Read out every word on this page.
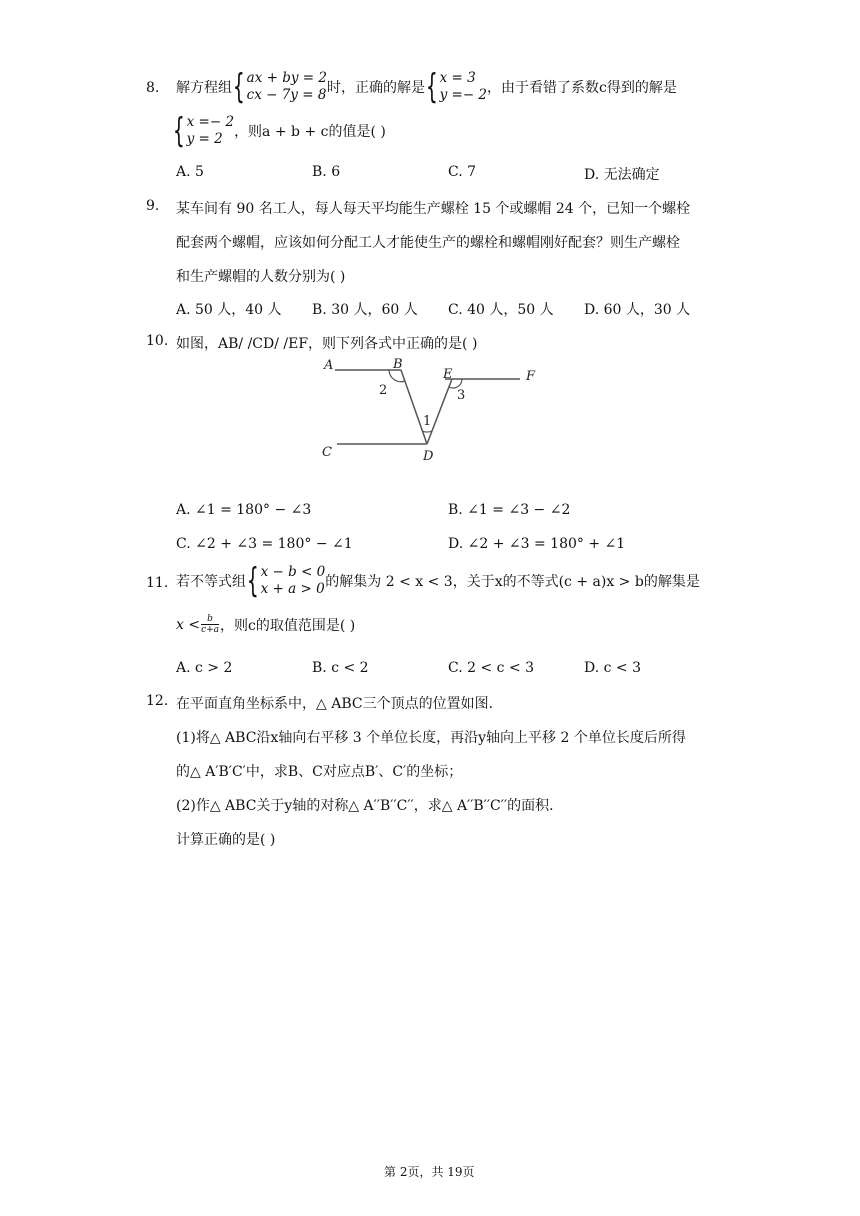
8. 解方程组 { ax + by = 2
cx − 7y = 8 时，正确的解是 { x = 3
y =− 2 ，由于看错了系数c得到的解是
{ x =− 2
y = 2 ，则a + b + c的值是( )
A. 5	B. 6	C. 7	D. 无法确定
9. 某车间有 90 名工人，每人每天平均能生产螺栓 15 个或螺帽 24 个，已知一个螺栓
配套两个螺帽，应该如何分配工人才能使生产的螺栓和螺帽刚好配套？则生产螺栓
和生产螺帽的人数分别为( )
A. 50 人，40 人 B. 30 人，60 人 C. 40 人，50 人 D. 60 人，30 人
10. 如图，AB/ /CD/ /EF，则下列各式中正确的是( )
A	B
E	F
C	D
2	3
1
A. ∠1 = 180° − ∠3	B. ∠1 = ∠3 − ∠2
C. ∠2 + ∠3 = 180° − ∠1	D. ∠2 + ∠3 = 180° + ∠1
11. 若不等式组 { x − b < 0
x + a > 0 的解集为 2 < x < 3，关于x的不等式(c + a)x > b的解集是
$x < \frac{b}{c+a}$ ，则c的取值范围是( )
A. c > 2	B. c < 2	C. 2 < c < 3	D. c < 3
12. 在平面直角坐标系中，△ ABC三个顶点的位置如图．
(1)将△ ABC沿x轴向右平移 3 个单位长度，再沿y轴向上平移 2 个单位长度后所得
的△ A′B′C′中，求B、C对应点B′、C′的坐标；
(2)作△ ABC关于y轴的对称△ A′′B′′C′′，求△ A′′B′′C′′的面积．
计算正确的是( )
第 2页，共 19页
